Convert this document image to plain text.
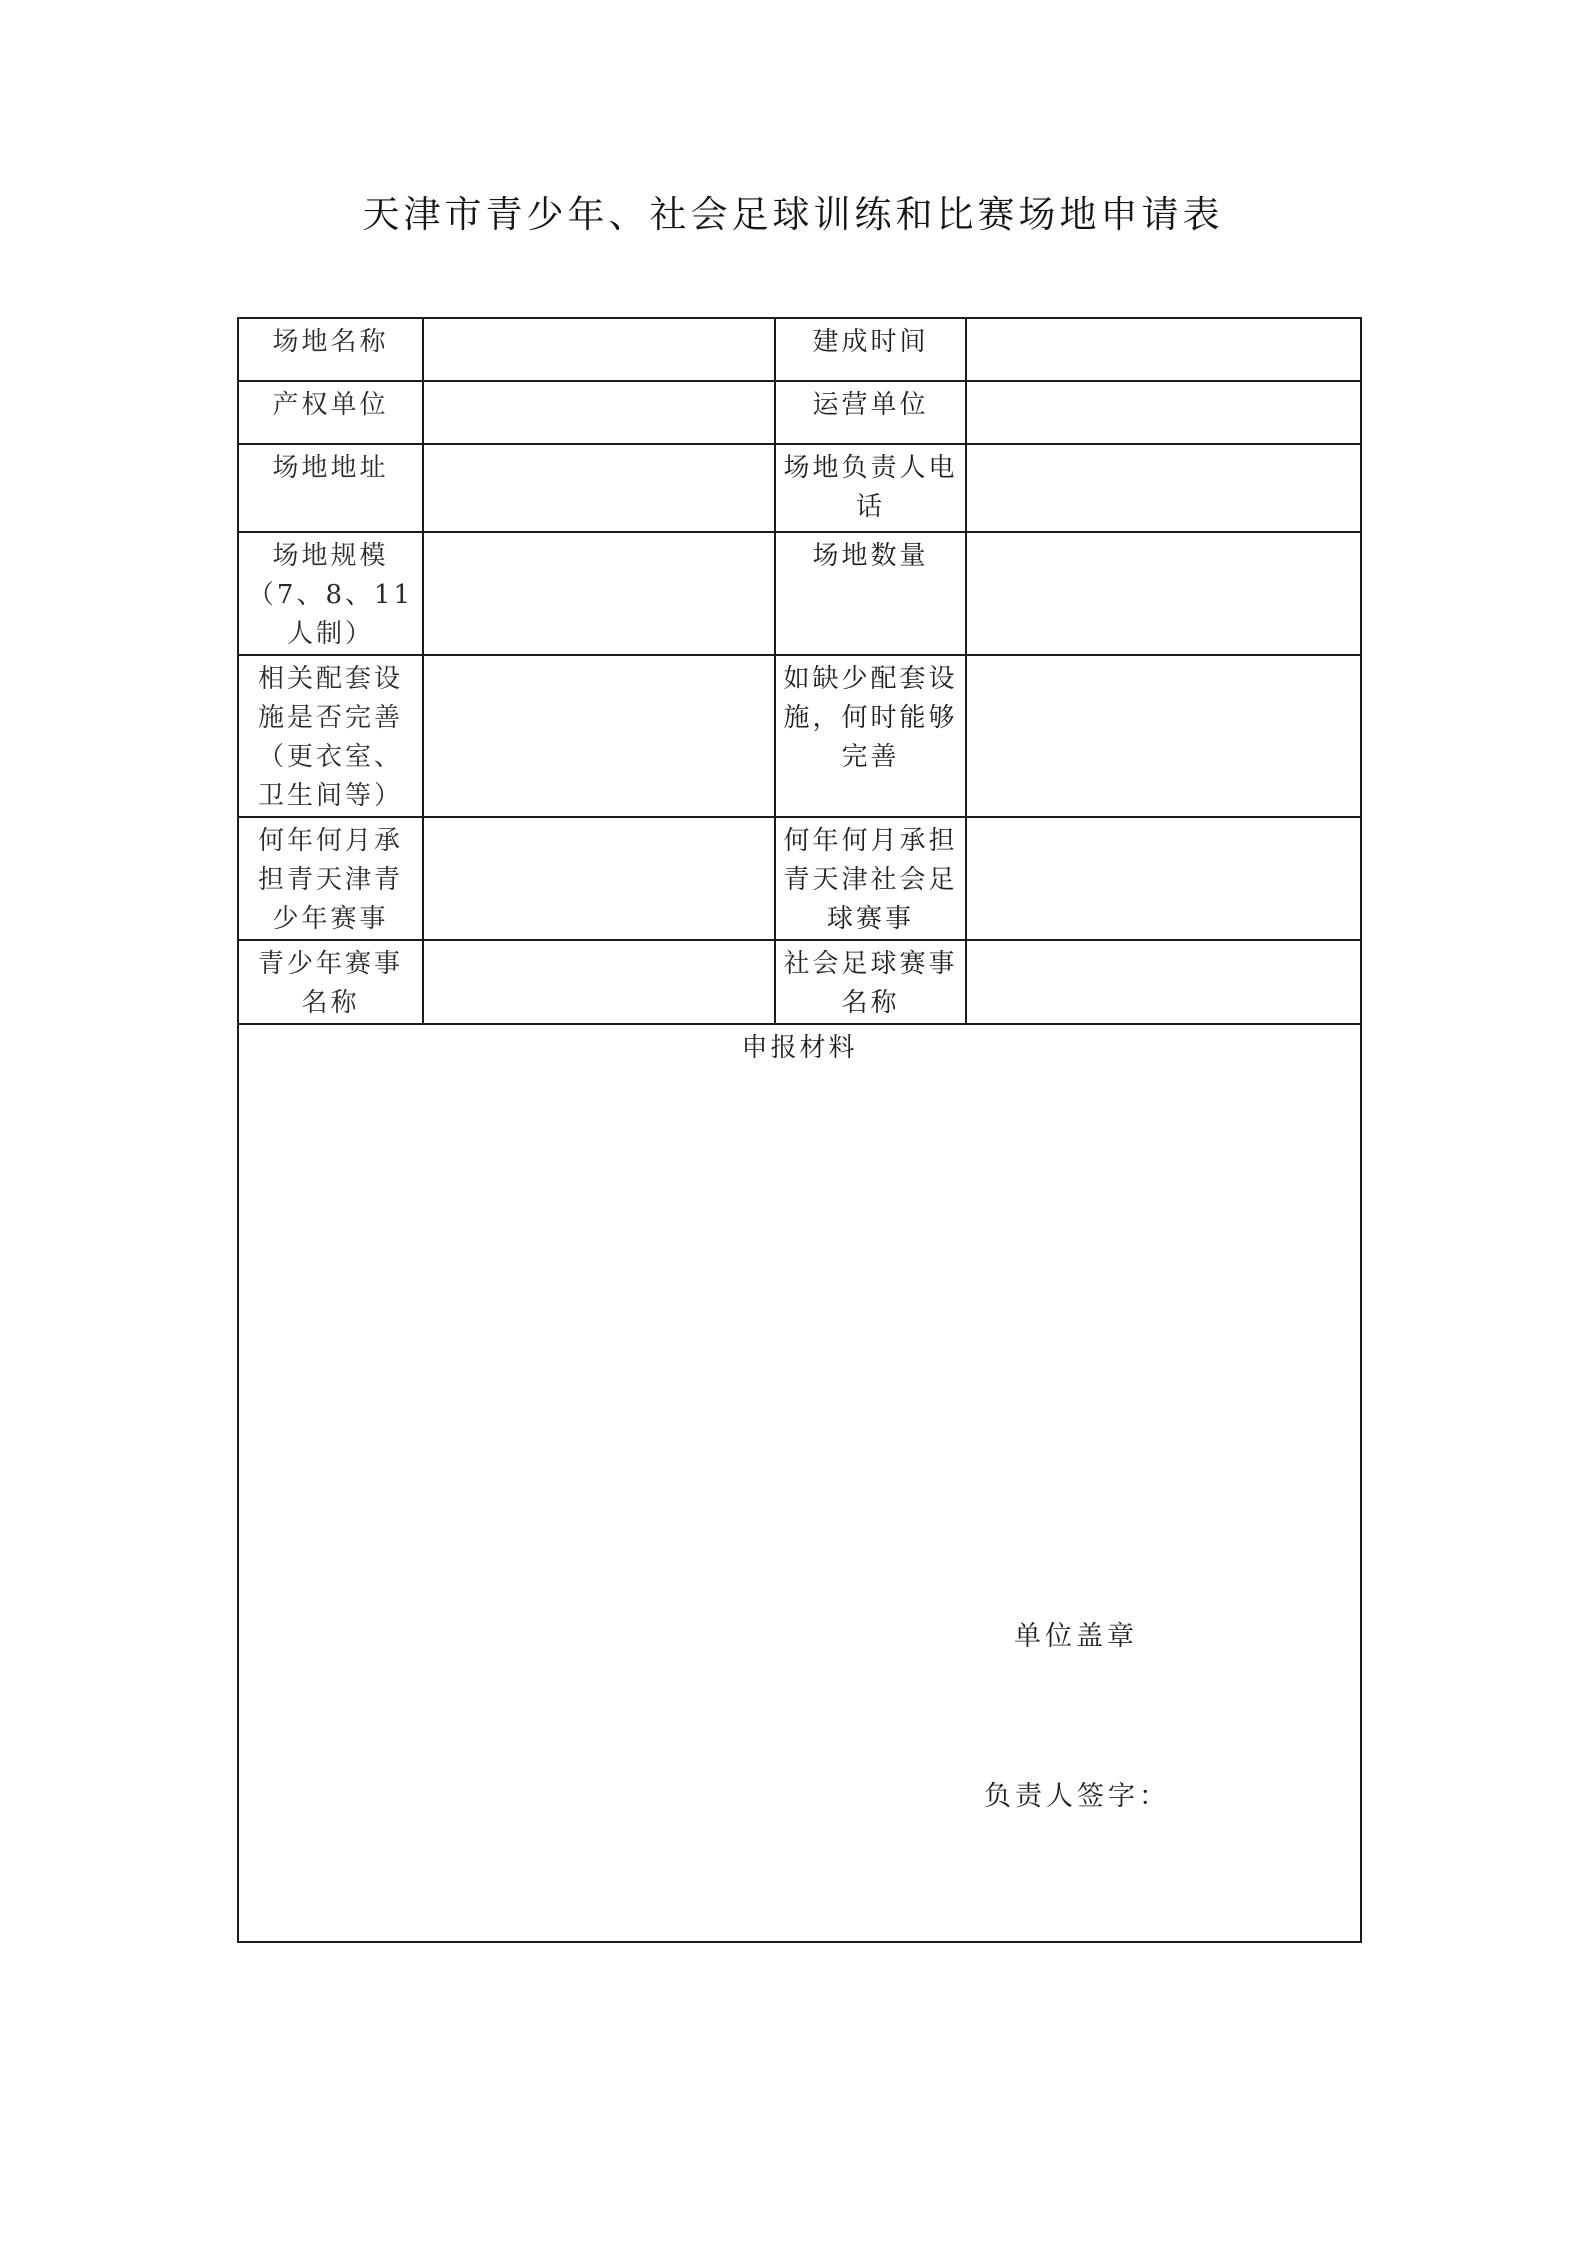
天津市青少年、社会足球训练和比赛场地申请表
场地名称		建成时间	
产权单位		运营单位	
场地地址		场地负责人电话	
场地规模（7、8、11人制）		场地数量	
相关配套设施是否完善（更衣室、卫生间等）		如缺少配套设施，何时能够完善	
何年何月承担青天津青少年赛事		何年何月承担青天津社会足球赛事	
青少年赛事名称		社会足球赛事名称	

申报材料
单位盖章
负责人签字：			
